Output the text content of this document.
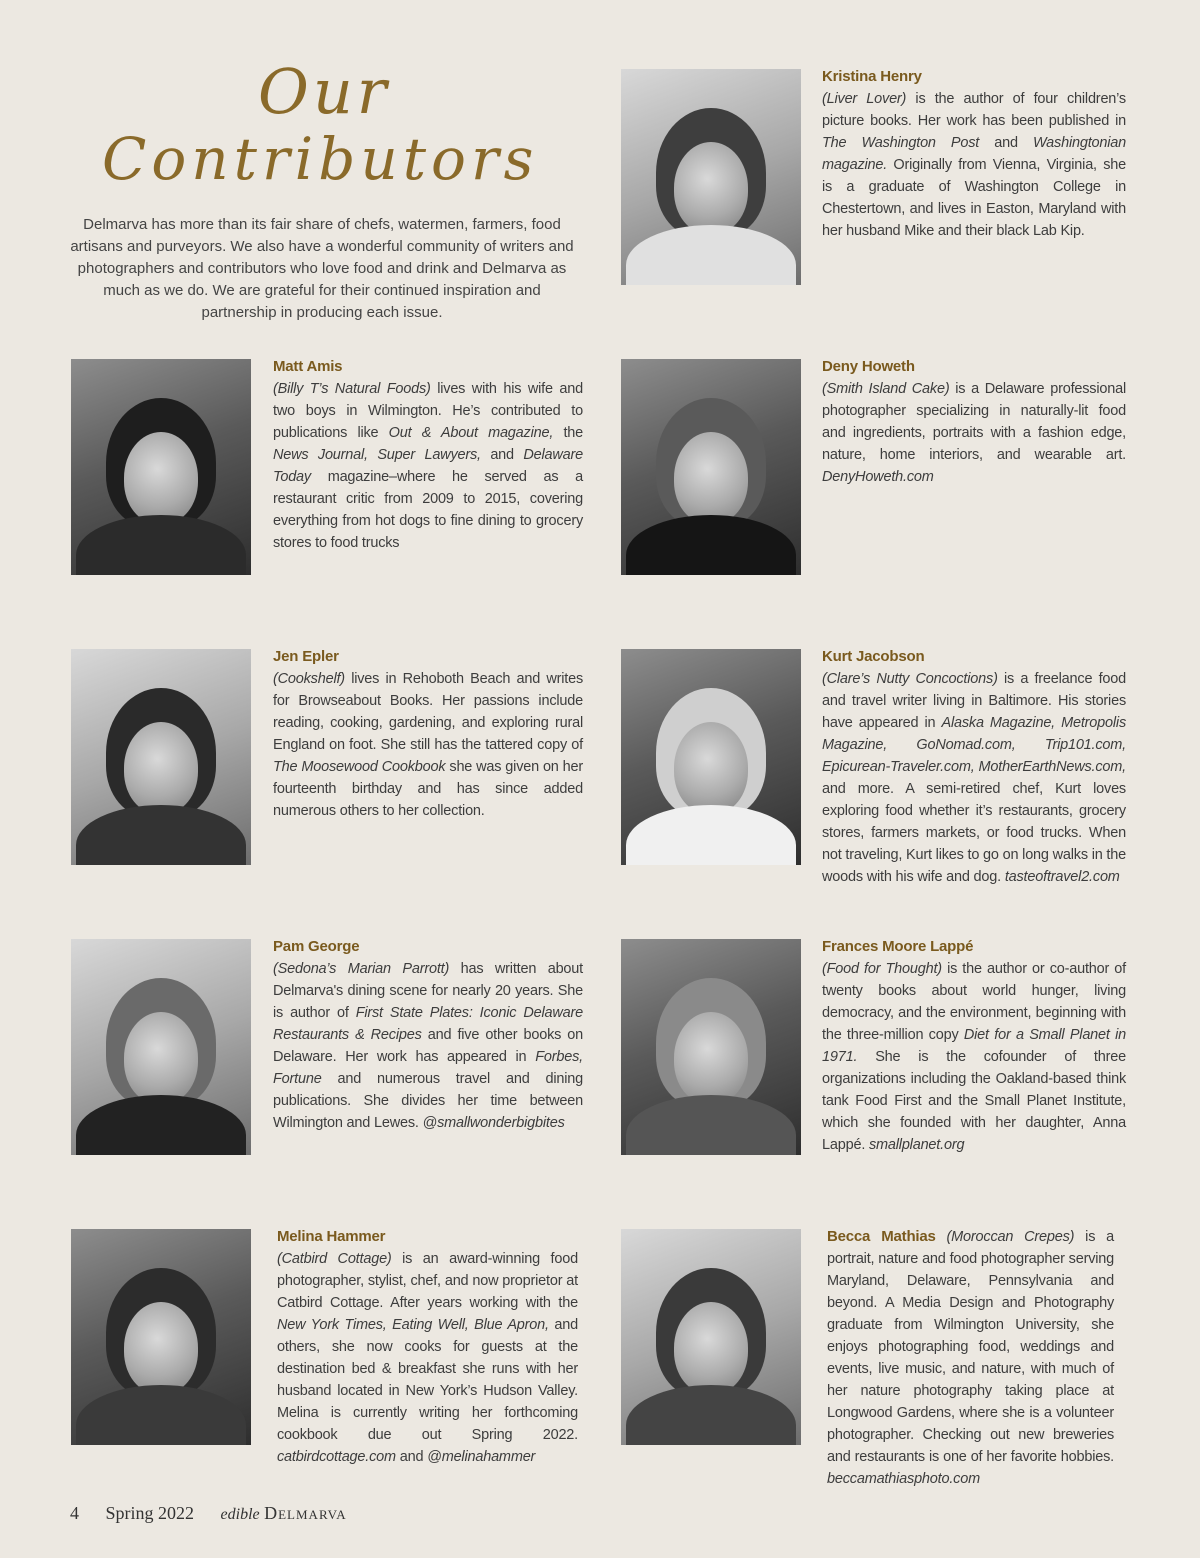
Our
Contributors
Delmarva has more than its fair share of chefs, watermen, farmers, food artisans and purveyors. We also have a wonderful community of writers and photographers and contributors who love food and drink and Delmarva as much as we do. We are grateful for their continued inspiration and partnership in producing each issue.
Kristina Henry
(Liver Lover) is the author of four children’s picture books. Her work has been published in The Washington Post and Washingtonian magazine. Originally from Vienna, Virginia, she is a graduate of Washington College in Chestertown, and lives in Easton, Maryland with her husband Mike and their black Lab Kip.
Matt Amis
(Billy T’s Natural Foods) lives with his wife and two boys in Wilmington. He’s contributed to publications like Out & About magazine, the News Journal, Super Lawyers, and Delaware Today magazine–where he served as a restaurant critic from 2009 to 2015, covering everything from hot dogs to fine dining to grocery stores to food trucks
Deny Howeth
(Smith Island Cake) is a Delaware professional photographer specializing in naturally-lit food and ingredients, portraits with a fashion edge, nature, home interiors, and wearable art. DenyHoweth.com
Jen Epler
(Cookshelf) lives in Rehoboth Beach and writes for Browseabout Books. Her passions include reading, cooking, gardening, and exploring rural England on foot. She still has the tattered copy of The Moosewood Cookbook she was given on her fourteenth birthday and has since added numerous others to her collection.
Kurt Jacobson
(Clare’s Nutty Concoctions) is a freelance food and travel writer living in Baltimore. His stories have appeared in Alaska Magazine, Metropolis Magazine, GoNomad.com, Trip101.com, Epicurean-Traveler.com, MotherEarthNews.com, and more. A semi-retired chef, Kurt loves exploring food whether it’s restaurants, grocery stores, farmers markets, or food trucks. When not traveling, Kurt likes to go on long walks in the woods with his wife and dog. tasteoftravel2.com
Pam George
(Sedona’s Marian Parrott) has written about Delmarva's dining scene for nearly 20 years. She is author of First State Plates: Iconic Delaware Restaurants & Recipes and five other books on Delaware. Her work has appeared in Forbes, Fortune and numerous travel and dining publications. She divides her time between Wilmington and Lewes. @smallwonderbigbites
Frances Moore Lappé
(Food for Thought) is the author or co-author of twenty books about world hunger, living democracy, and the environment, beginning with the three-million copy Diet for a Small Planet in 1971. She is the cofounder of three organizations including the Oakland-based think tank Food First and the Small Planet Institute, which she founded with her daughter, Anna Lappé. smallplanet.org
Melina Hammer
(Catbird Cottage) is an award-winning food photographer, stylist, chef, and now proprietor at Catbird Cottage. After years working with the New York Times, Eating Well, Blue Apron, and others, she now cooks for guests at the destination bed & breakfast she runs with her husband located in New York’s Hudson Valley. Melina is currently writing her forthcoming cookbook due out Spring 2022. catbirdcottage.com and @melinahammer
Becca Mathias (Moroccan Crepes) is a portrait, nature and food photographer serving Maryland, Delaware, Pennsylvania and beyond. A Media Design and Photography graduate from Wilmington University, she enjoys photographing food, weddings and events, live music, and nature, with much of her nature photography taking place at Longwood Gardens, where she is a volunteer photographer. Checking out new breweries and restaurants is one of her favorite hobbies. beccamathiasphoto.com
4 Spring 2022 edible Delmarva
